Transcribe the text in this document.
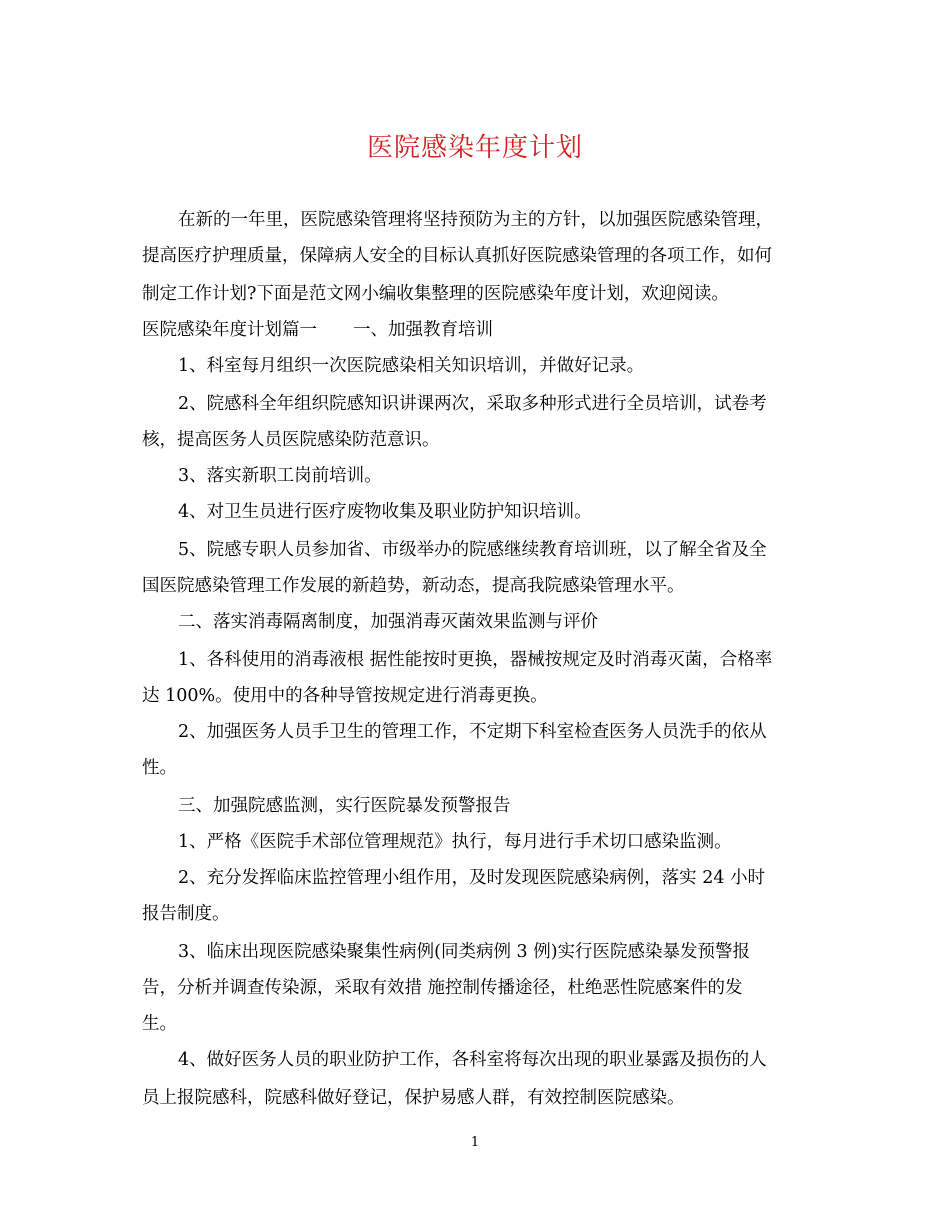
医院感染年度计划
在新的一年里，医院感染管理将坚持预防为主的方针，以加强医院感染管理，
提高医疗护理质量，保障病人安全的目标认真抓好医院感染管理的各项工作，如何
制定工作计划?下面是范文网小编收集整理的医院感染年度计划，欢迎阅读。
医院感染年度计划篇一 一、加强教育培训
1、科室每月组织一次医院感染相关知识培训，并做好记录。
2、院感科全年组织院感知识讲课两次，采取多种形式进行全员培训，试卷考
核，提高医务人员医院感染防范意识。
3、落实新职工岗前培训。
4、对卫生员进行医疗废物收集及职业防护知识培训。
5、院感专职人员参加省、市级举办的院感继续教育培训班，以了解全省及全
国医院感染管理工作发展的新趋势，新动态，提高我院感染管理水平。
二、落实消毒隔离制度，加强消毒灭菌效果监测与评价
1、各科使用的消毒液根 据性能按时更换，器械按规定及时消毒灭菌，合格率
达 100%。使用中的各种导管按规定进行消毒更换。
2、加强医务人员手卫生的管理工作，不定期下科室检查医务人员洗手的依从
性。
三、加强院感监测，实行医院暴发预警报告
1、严格《医院手术部位管理规范》执行，每月进行手术切口感染监测。
2、充分发挥临床监控管理小组作用，及时发现医院感染病例，落实 24 小时
报告制度。
3、临床出现医院感染聚集性病例(同类病例 3 例)实行医院感染暴发预警报
告，分析并调查传染源，采取有效措 施控制传播途径，杜绝恶性院感案件的发
生。
4、做好医务人员的职业防护工作，各科室将每次出现的职业暴露及损伤的人
员上报院感科，院感科做好登记，保护易感人群，有效控制医院感染。
1
